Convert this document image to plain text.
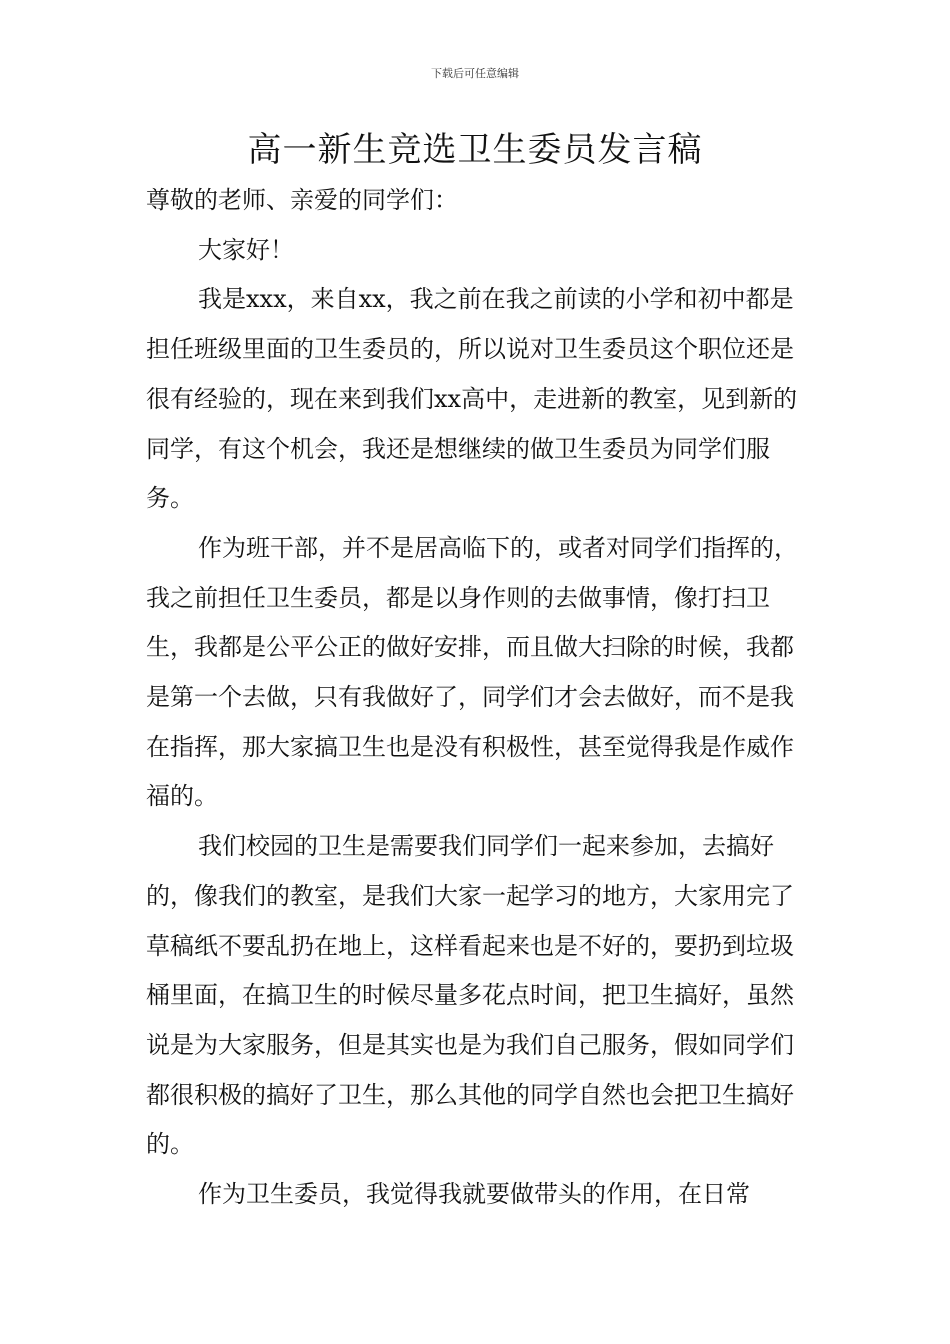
下载后可任意编辑
高一新生竞选卫生委员发言稿

尊敬的老师、亲爱的同学们：

大家好！

我是xxx，来自xx，我之前在我之前读的小学和初中都是担任班级里面的卫生委员的，所以说对卫生委员这个职位还是很有经验的，现在来到我们xx高中，走进新的教室，见到新的同学，有这个机会，我还是想继续的做卫生委员为同学们服务。

作为班干部，并不是居高临下的，或者对同学们指挥的，我之前担任卫生委员，都是以身作则的去做事情，像打扫卫生，我都是公平公正的做好安排，而且做大扫除的时候，我都是第一个去做，只有我做好了，同学们才会去做好，而不是我在指挥，那大家搞卫生也是没有积极性，甚至觉得我是作威作福的。

我们校园的卫生是需要我们同学们一起来参加，去搞好的，像我们的教室，是我们大家一起学习的地方，大家用完了草稿纸不要乱扔在地上，这样看起来也是不好的，要扔到垃圾桶里面，在搞卫生的时候尽量多花点时间，把卫生搞好，虽然说是为大家服务，但是其实也是为我们自己服务，假如同学们都很积极的搞好了卫生，那么其他的同学自然也会把卫生搞好的。

作为卫生委员，我觉得我就要做带头的作用，在日常
